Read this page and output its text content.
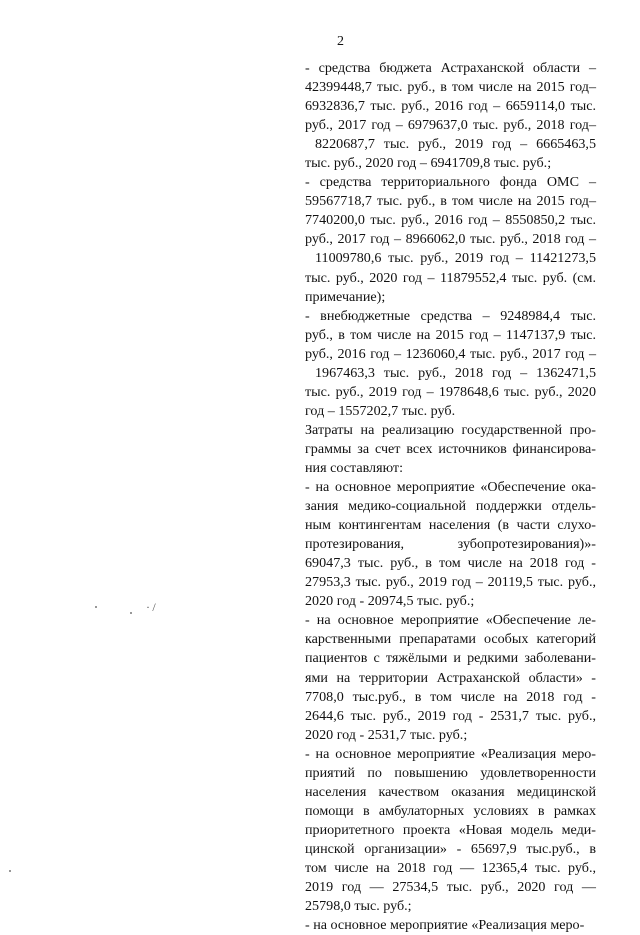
2
- средства бюджета Астраханской области –
42399448,7 тыс. руб., в том числе на 2015 год–
6932836,7 тыс. руб., 2016 год – 6659114,0 тыс.
руб., 2017 год – 6979637,0 тыс. руб., 2018 год–
8220687,7 тыс. руб., 2019 год – 6665463,5
тыс. руб., 2020 год – 6941709,8 тыс. руб.;
- средства территориального фонда ОМС –
59567718,7 тыс. руб., в том числе на 2015 год–
7740200,0 тыс. руб., 2016 год – 8550850,2 тыс.
руб., 2017 год – 8966062,0 тыс. руб., 2018 год –
11009780,6 тыс. руб., 2019 год – 11421273,5
тыс. руб., 2020 год – 11879552,4 тыс. руб. (см.
примечание);
- внебюджетные средства – 9248984,4 тыс.
руб., в том числе на 2015 год – 1147137,9 тыс.
руб., 2016 год – 1236060,4 тыс. руб., 2017 год –
1967463,3 тыс. руб., 2018 год – 1362471,5
тыс. руб., 2019 год – 1978648,6 тыс. руб., 2020
год – 1557202,7 тыс. руб.
Затраты на реализацию государственной про-
граммы за счет всех источников финансирова-
ния составляют:
- на основное мероприятие «Обеспечение ока-
зания медико-социальной поддержки отдель-
ным контингентам населения (в части слухо-
протезирования, зубопротезирования)»-
69047,3 тыс. руб., в том числе на 2018 год -
27953,3 тыс. руб., 2019 год – 20119,5 тыс. руб.,
2020 год - 20974,5 тыс. руб.;
- на основное мероприятие «Обеспечение ле-
карственными препаратами особых категорий
пациентов с тяжёлыми и редкими заболевани-
ями на территории Астраханской области» -
7708,0 тыс.руб., в том числе на 2018 год -
2644,6 тыс. руб., 2019 год - 2531,7 тыс. руб.,
2020 год - 2531,7 тыс. руб.;
- на основное мероприятие «Реализация меро-
приятий по повышению удовлетворенности
населения качеством оказания медицинской
помощи в амбулаторных условиях в рамках
приоритетного проекта «Новая модель меди-
цинской организации» - 65697,9 тыс.руб., в
том числе на 2018 год — 12365,4 тыс. руб.,
2019 год — 27534,5 тыс. руб., 2020 год —
25798,0 тыс. руб.;
- на основное мероприятие «Реализация меро-
· /
